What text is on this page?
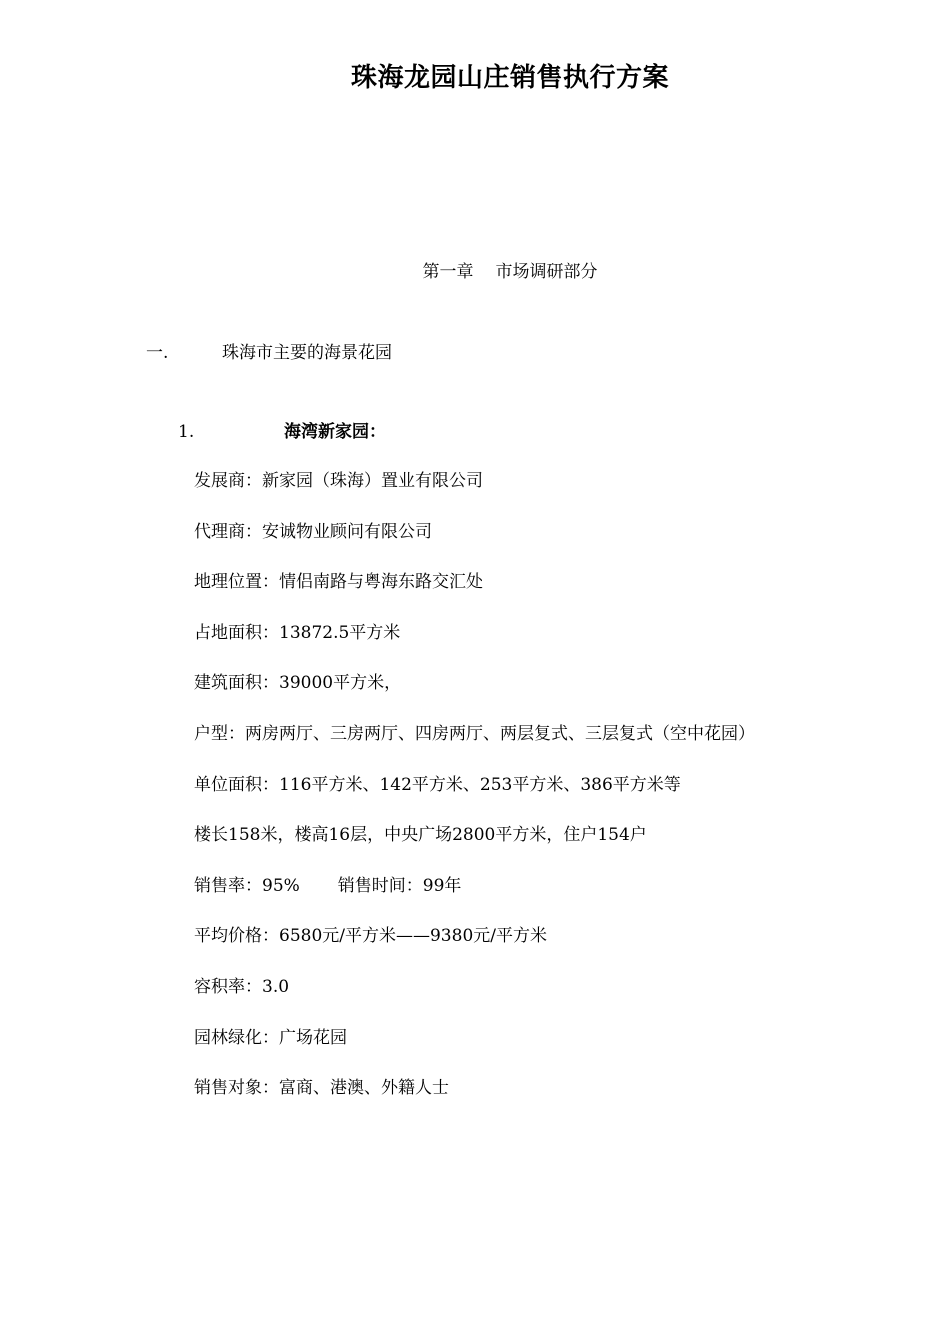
珠海龙园山庄销售执行方案
第一章 市场调研部分
一.	珠海市主要的海景花园
1.	海湾新家园：
发展商：新家园（珠海）置业有限公司
代理商：安诚物业顾问有限公司
地理位置：情侣南路与粤海东路交汇处
占地面积：13872.5平方米
建筑面积：39000平方米，
户型：两房两厅、三房两厅、四房两厅、两层复式、三层复式（空中花园）
单位面积：116平方米、142平方米、253平方米、386平方米等
楼长158米，楼高16层，中央广场2800平方米，住户154户
销售率：95% 销售时间：99年
平均价格：6580元/平方米——9380元/平方米
容积率：3.0
园林绿化：广场花园
销售对象：富商、港澳、外籍人士
